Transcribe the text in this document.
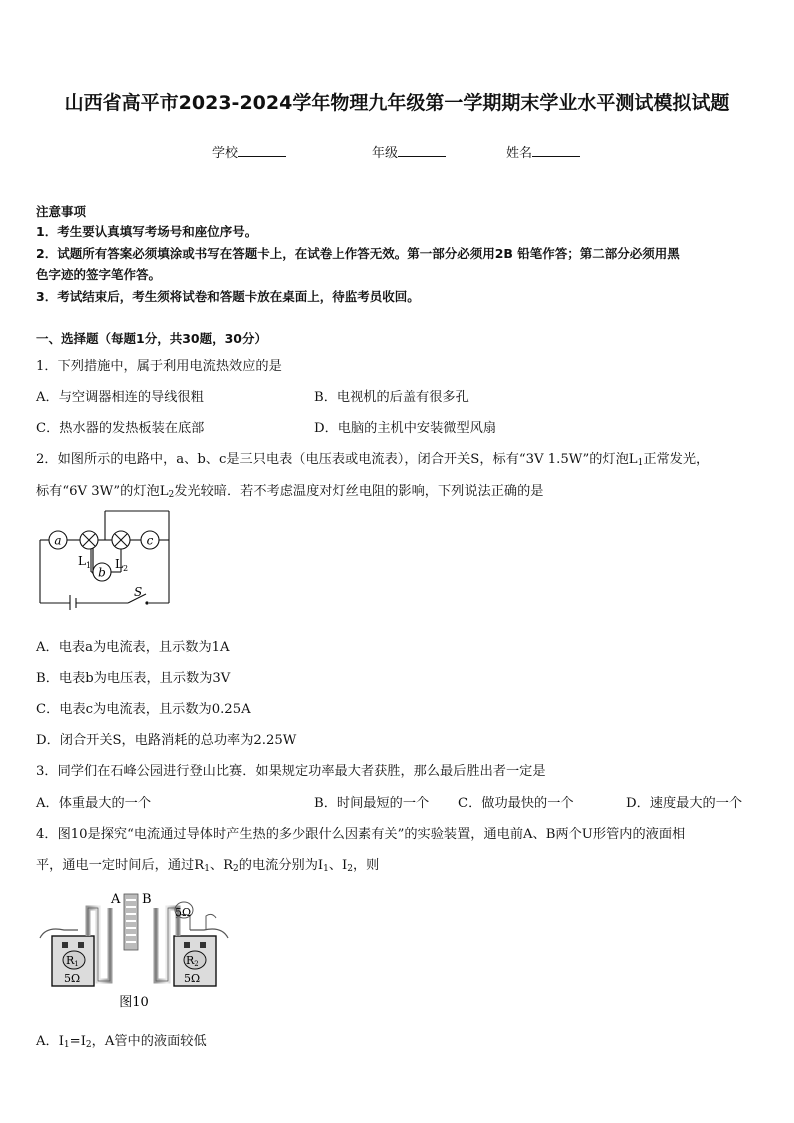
山西省高平市2023-2024学年物理九年级第一学期期末学业水平测试模拟试题
学校	年级	姓名
注意事项
1．考生要认真填写考场号和座位序号。
2．试题所有答案必须填涂或书写在答题卡上，在试卷上作答无效。第一部分必须用2B 铅笔作答；第二部分必须用黑
色字迹的签字笔作答。
3．考试结束后，考生须将试卷和答题卡放在桌面上，待监考员收回。
一、选择题（每题1分，共30题，30分）
1．下列措施中，属于利用电流热效应的是
A．与空调器相连的导线很粗	B．电视机的后盖有很多孔
C．热水器的发热板装在底部	D．电脑的主机中安装微型风扇
2．如图所示的电路中，a、b、c是三只电表（电压表或电流表），闭合开关S，标有“3V 1.5W”的灯泡$L_1$正常发光，
标有“6V 3W”的灯泡$L_2$发光较暗．若不考虑温度对灯丝电阻的影响，下列说法正确的是
a	c
b
$L_1$ $L_2$
S
A．电表a为电流表，且示数为1A
B．电表b为电压表，且示数为3V
C．电表c为电流表，且示数为0.25A
D．闭合开关S，电路消耗的总功率为2.25W
3．同学们在石峰公园进行登山比赛．如果规定功率最大者获胜，那么最后胜出者一定是
A．体重最大的一个	B．时间最短的一个 C．做功最快的一个	D．速度最大的一个
4．图10是探究“电流通过导体时产生热的多少跟什么因素有关”的实验装置，通电前A、B两个U形管内的液面相
平，通电一定时间后，通过$R_1$、$R_2$的电流分别为$I_1$、$I_2$，则
A B
5Ω
R1	R2
5Ω	5Ω
图10
A．$I_1=I_2$，A管中的液面较低
